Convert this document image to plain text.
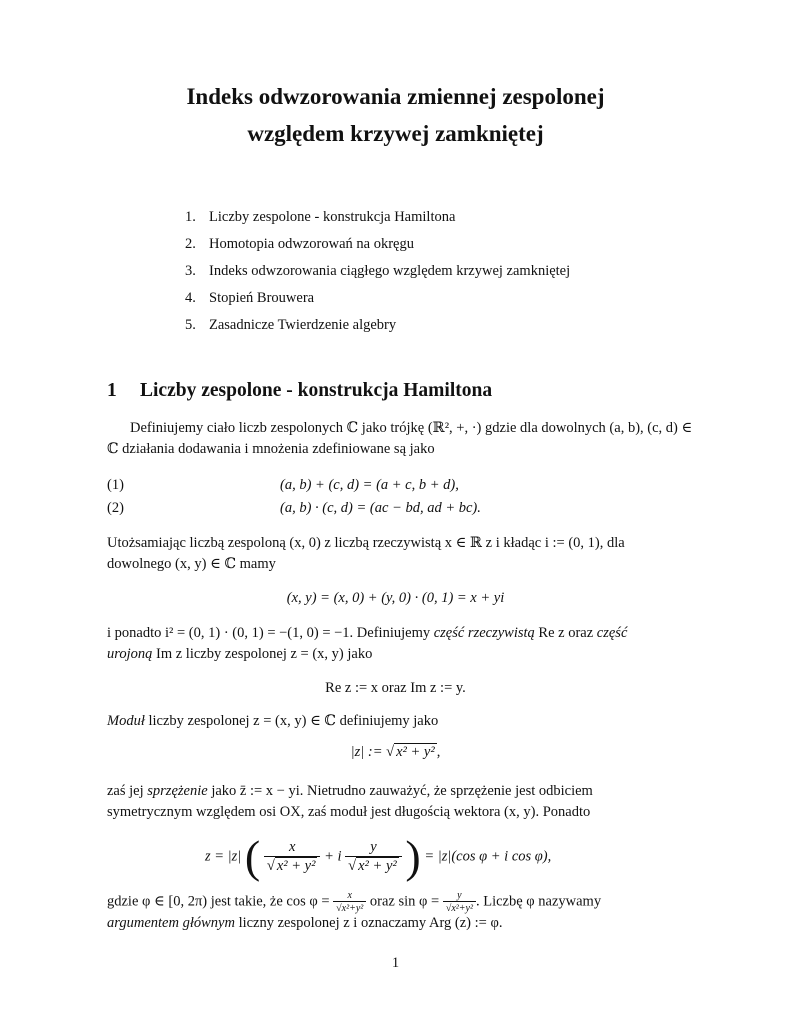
Indeks odwzorowania zmiennej zespolonej
względem krzywej zamkniętej
1. Liczby zespolone - konstrukcja Hamiltona
2. Homotopia odwzorowań na okręgu
3. Indeks odwzorowania ciągłego względem krzywej zamkniętej
4. Stopień Brouwera
5. Zasadnicze Twierdzenie algebry
1 Liczby zespolone - konstrukcja Hamiltona
Definiujemy ciało liczb zespolonych ℂ jako trójkę (ℝ², +, ·) gdzie dla dowolnych (a, b), (c, d) ∈
ℂ działania dodawania i mnożenia zdefiniowane są jako
(1)	(a, b) + (c, d) = (a + c, b + d),
(2)	(a, b) · (c, d) = (ac − bd, ad + bc).
Utożsamiając liczbą zespoloną (x, 0) z liczbą rzeczywistą x ∈ ℝ z i kładąc i := (0, 1), dla
dowolnego (x, y) ∈ ℂ mamy
(x, y) = (x, 0) + (y, 0) · (0, 1) = x + yi
i ponadto i² = (0, 1) · (0, 1) = −(1, 0) = −1. Definiujemy część rzeczywistą Re z oraz część
urojoną Im z liczby zespolonej z = (x, y) jako
Re z := x oraz Im z := y.
Moduł liczby zespolonej z = (x, y) ∈ ℂ definiujemy jako
|z| := √ x² + y² ,
zaś jej sprzężenie jako z̄ := x − yi. Nietrudno zauważyć, że sprzężenie jest odbiciem
symetrycznym względem osi OX, zaś moduł jest długością wektora (x, y). Ponadto
z = |z| ( $\frac{x}{\text{√ x² + y²}} + i \frac{y}{\text{√ x² + y²}}$ ) = |z|(cos φ + i cos φ),
gdzie φ ∈ [0, 2π) jest takie, że $\cos \varphi = \frac{x}{\text{√x²+y²}}$ oraz $\sin \varphi = \frac{y}{\text{√x²+y²}}$ . Liczbę φ nazywamy
argumentem głównym liczny zespolonej z i oznaczamy Arg (z) := φ.
1
